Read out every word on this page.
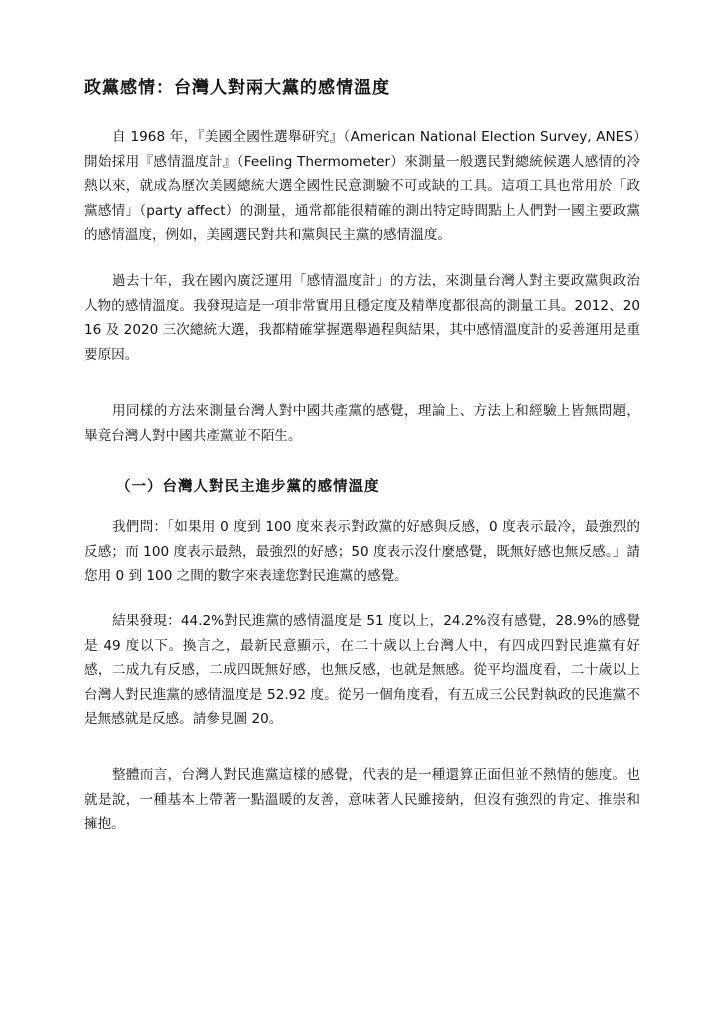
政黨感情：台灣人對兩大黨的感情溫度

自 1968 年，『美國全國性選舉研究』（American National Election Survey, ANES）開始採用『感情溫度計』（Feeling Thermometer）來測量一般選民對總統候選人感情的冷熱以來，就成為歷次美國總統大選全國性民意測驗不可或缺的工具。這項工具也常用於「政黨感情」（party affect）的測量，通常都能很精確的測出特定時間點上人們對一國主要政黨的感情溫度，例如，美國選民對共和黨與民主黨的感情溫度。

過去十年，我在國內廣泛運用「感情溫度計」的方法，來測量台灣人對主要政黨與政治人物的感情溫度。我發現這是一項非常實用且穩定度及精準度都很高的測量工具。2012、2016 及 2020 三次總統大選，我都精確掌握選舉過程與結果，其中感情溫度計的妥善運用是重要原因。

用同樣的方法來測量台灣人對中國共產黨的感覺，理論上、方法上和經驗上皆無問題，畢竟台灣人對中國共產黨並不陌生。

（一）台灣人對民主進步黨的感情溫度

我們問：「如果用 0 度到 100 度來表示對政黨的好感與反感，0 度表示最冷，最強烈的反感；而 100 度表示最熱，最強烈的好感；50 度表示沒什麼感覺，既無好感也無反感。」請您用 0 到 100 之間的數字來表達您對民進黨的感覺。

結果發現：44.2%對民進黨的感情溫度是 51 度以上，24.2%沒有感覺，28.9%的感覺是 49 度以下。換言之，最新民意顯示，在二十歲以上台灣人中，有四成四對民進黨有好感，二成九有反感，二成四既無好感，也無反感，也就是無感。從平均溫度看，二十歲以上台灣人對民進黨的感情溫度是 52.92 度。從另一個角度看，有五成三公民對執政的民進黨不是無感就是反感。請參見圖 20。

整體而言，台灣人對民進黨這樣的感覺，代表的是一種還算正面但並不熱情的態度。也就是說，一種基本上帶著一點溫暖的友善，意味著人民雖接納，但沒有強烈的肯定、推崇和擁抱。
